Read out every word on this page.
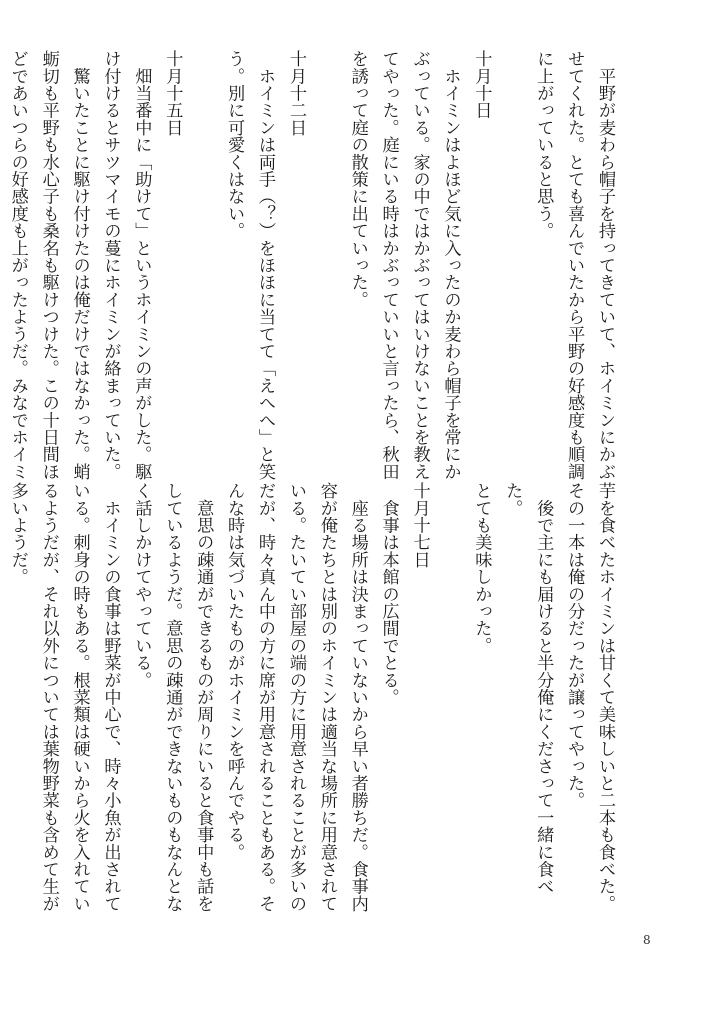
　平野が麦わら帽子を持ってきていて、ホイミンにかぶ
せてくれた。とても喜んでいたから平野の好感度も順調
に上がっていると思う。

十月十日
　ホイミンはよほど気に入ったのか麦わら帽子を常にか
ぶっている。家の中ではかぶってはいけないことを教え
てやった。庭にいる時はかぶっていいと言ったら、秋田
を誘って庭の散策に出ていった。

十月十二日
　ホイミンは両手（？）をほほに当てて「えへへ」と笑
う。別に可愛くはない。

十月十五日
　畑当番中に「助けて」というホイミンの声がした。駆
け付けるとサツマイモの蔓にホイミンが絡まっていた。
　驚いたことに駆け付けたのは俺だけではなかった。蛸
蛎切も平野も水心子も桑名も駆けつけた。この十日間ほ
どであいつらの好感度も上がったようだ。みなでホイミ
芋を食べたホイミンは甘くて美味しいと二本も食べた。
その一本は俺の分だったが譲ってやった。
　後で主にも届けると半分俺にくださって一緒に食べた。
とても美味しかった。

十月十七日
　食事は本館の広間でとる。
　座る場所は決まっていないから早い者勝ちだ。食事内
容が俺たちとは別のホイミンは適当な場所に用意されて
いる。たいてい部屋の端の方に用意されることが多いの
だが、時々真ん中の方に席が用意されることもある。そ
んな時は気づいたものがホイミンを呼んでやる。
　意思の疎通ができるものが周りにいると食事中も話を
しているようだ。意思の疎通ができないものもなんとな
く話しかけてやっている。
　ホイミンの食事は野菜が中心で、時々小魚が出されて
いる。刺身の時もある。根菜類は硬いから火を入れてい
るようだが、それ以外については葉物野菜も含めて生が
多いようだ。

8
